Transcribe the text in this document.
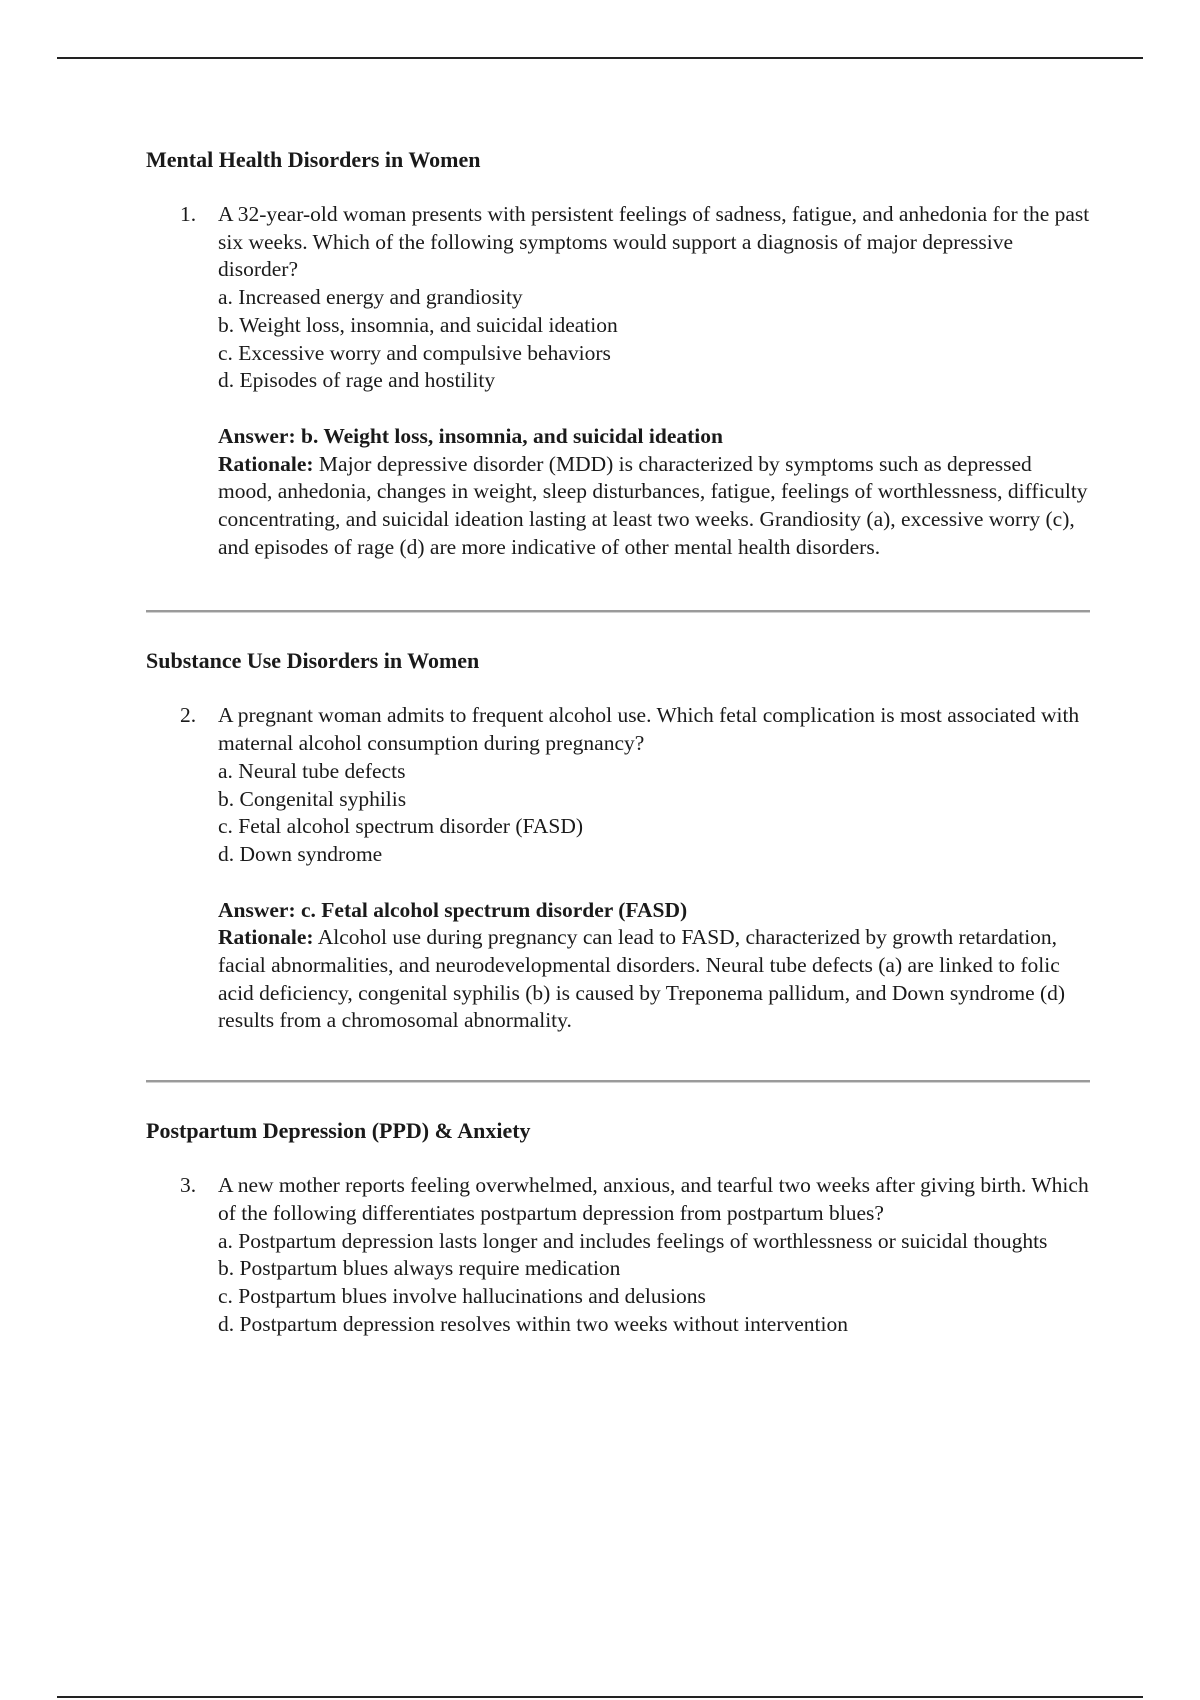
Mental Health Disorders in Women
1. A 32-year-old woman presents with persistent feelings of sadness, fatigue, and anhedonia for the past six weeks. Which of the following symptoms would support a diagnosis of major depressive disorder?
a. Increased energy and grandiosity
b. Weight loss, insomnia, and suicidal ideation
c. Excessive worry and compulsive behaviors
d. Episodes of rage and hostility
Answer: b. Weight loss, insomnia, and suicidal ideation
Rationale: Major depressive disorder (MDD) is characterized by symptoms such as depressed mood, anhedonia, changes in weight, sleep disturbances, fatigue, feelings of worthlessness, difficulty concentrating, and suicidal ideation lasting at least two weeks. Grandiosity (a), excessive worry (c), and episodes of rage (d) are more indicative of other mental health disorders.
Substance Use Disorders in Women
2. A pregnant woman admits to frequent alcohol use. Which fetal complication is most associated with maternal alcohol consumption during pregnancy?
a. Neural tube defects
b. Congenital syphilis
c. Fetal alcohol spectrum disorder (FASD)
d. Down syndrome
Answer: c. Fetal alcohol spectrum disorder (FASD)
Rationale: Alcohol use during pregnancy can lead to FASD, characterized by growth retardation, facial abnormalities, and neurodevelopmental disorders. Neural tube defects (a) are linked to folic acid deficiency, congenital syphilis (b) is caused by Treponema pallidum, and Down syndrome (d) results from a chromosomal abnormality.
Postpartum Depression (PPD) & Anxiety
3. A new mother reports feeling overwhelmed, anxious, and tearful two weeks after giving birth. Which of the following differentiates postpartum depression from postpartum blues?
a. Postpartum depression lasts longer and includes feelings of worthlessness or suicidal thoughts
b. Postpartum blues always require medication
c. Postpartum blues involve hallucinations and delusions
d. Postpartum depression resolves within two weeks without intervention
